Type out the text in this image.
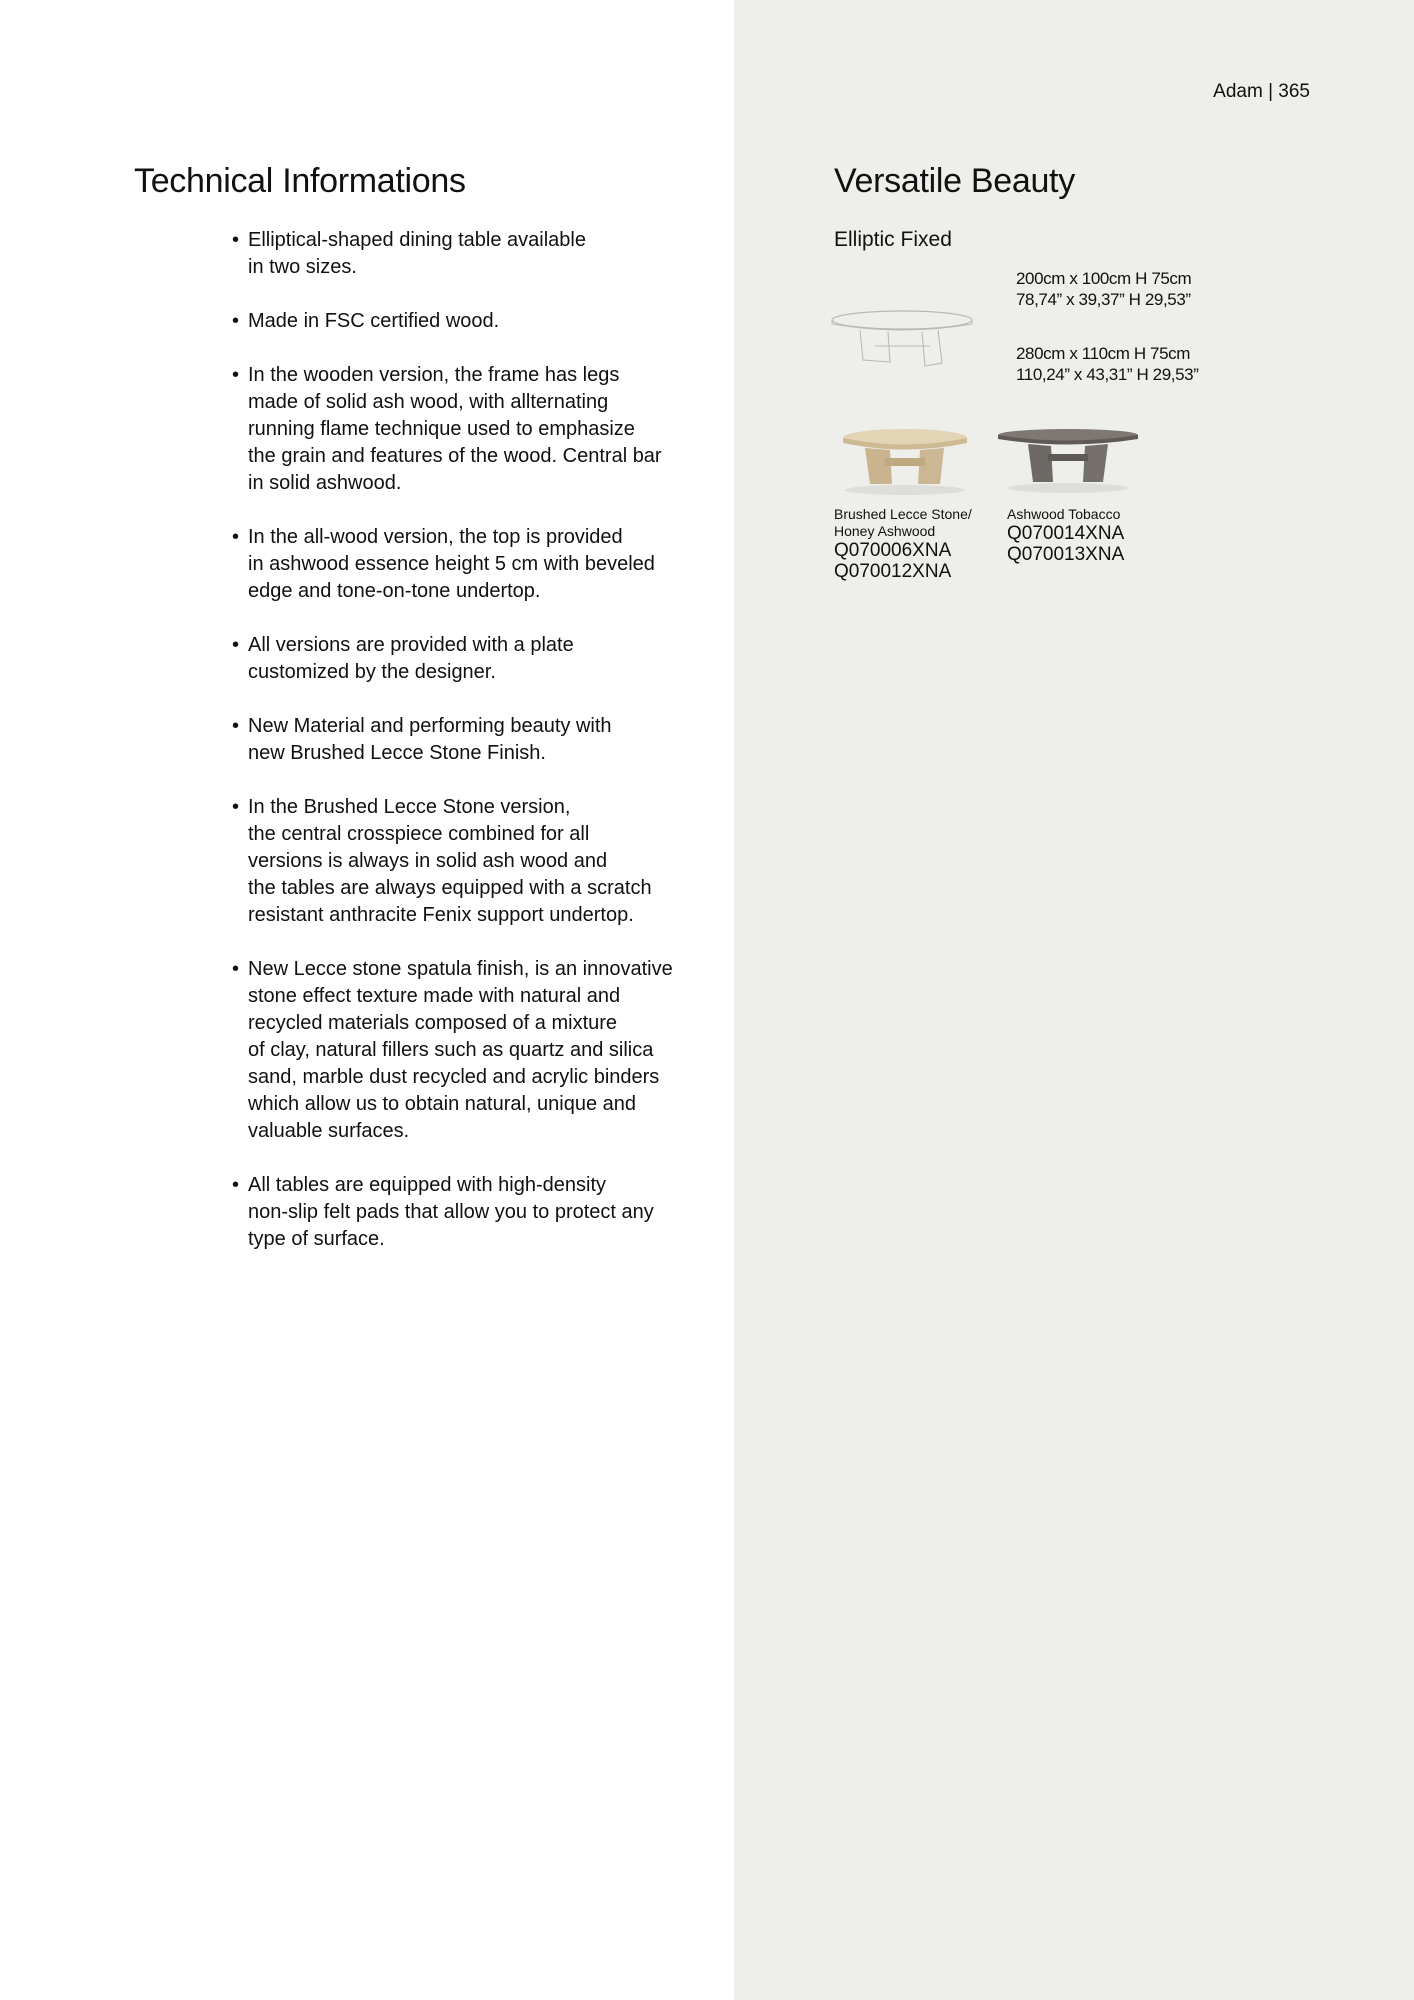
Adam | 365
Technical Informations
• Elliptical-shaped dining table available
in two sizes.
• Made in FSC certified wood.
• In the wooden version, the frame has legs
made of solid ash wood, with allternating
running flame technique used to emphasize
the grain and features of the wood. Central bar
in solid ashwood.
• In the all-wood version, the top is provided
in ashwood essence height 5 cm with beveled
edge and tone-on-tone undertop.
• All versions are provided with a plate
customized by the designer.
• New Material and performing beauty with
new Brushed Lecce Stone Finish.
• In the Brushed Lecce Stone version,
the central crosspiece combined for all
versions is always in solid ash wood and
the tables are always equipped with a scratch
resistant anthracite Fenix support undertop.
• New Lecce stone spatula finish, is an innovative
stone effect texture made with natural and
recycled materials composed of a mixture
of clay, natural fillers such as quartz and silica
sand, marble dust recycled and acrylic binders
which allow us to obtain natural, unique and
valuable surfaces.
• All tables are equipped with high-density
non-slip felt pads that allow you to protect any
type of surface.
Versatile Beauty
Elliptic Fixed
200cm x 100cm H 75cm
78,74” x 39,37” H 29,53”
280cm x 110cm H 75cm
110,24” x 43,31” H 29,53”
Brushed Lecce Stone/
Honey Ashwood
Q070006XNA
Q070012XNA
Ashwood Tobacco
Q070014XNA
Q070013XNA
